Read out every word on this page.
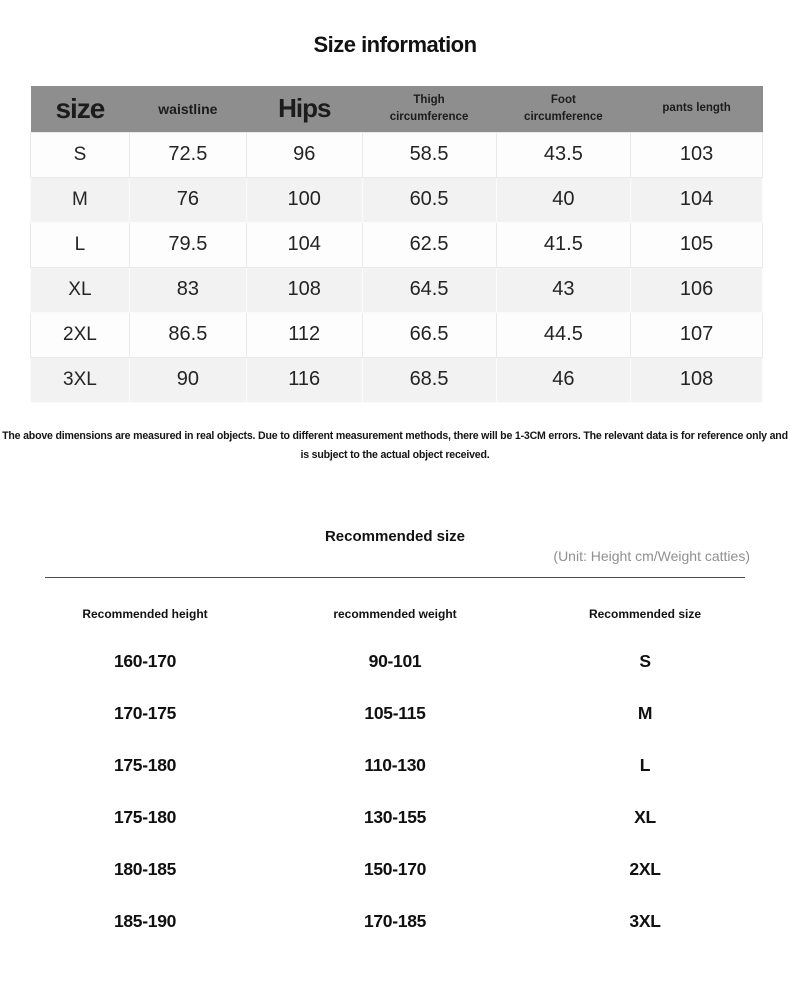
Size information
size	waistline	Hips	Thigh circumference	Foot circumference	pants length
S	72.5	96	58.5	43.5	103
M	76	100	60.5	40	104
L	79.5	104	62.5	41.5	105
XL	83	108	64.5	43	106
2XL	86.5	112	66.5	44.5	107
3XL	90	116	68.5	46	108

The above dimensions are measured in real objects. Due to different measurement methods, there will be 1-3CM errors. The relevant data is for reference only and is subject to the actual object received.

Recommended size
(Unit: Height cm/Weight catties)
Recommended height	recommended weight	Recommended size
160-170	90-101	S
170-175	105-115	M
175-180	110-130	L
175-180	130-155	XL
180-185	150-170	2XL
185-190	170-185	3XL
